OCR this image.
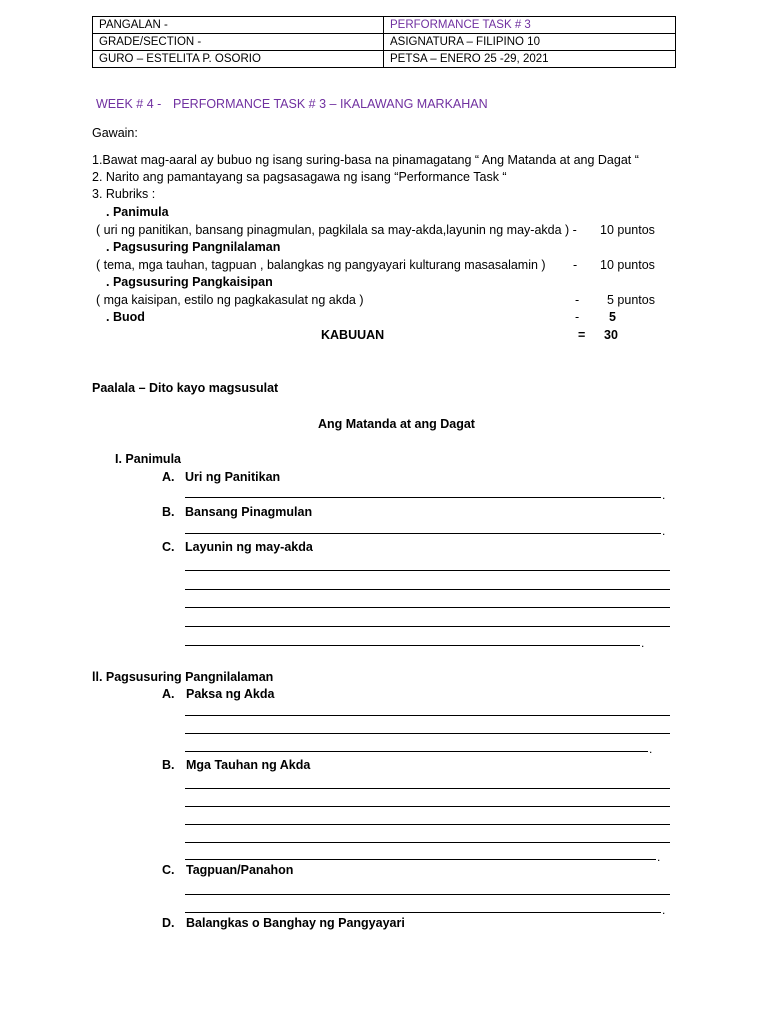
PANGALAN -	PERFORMANCE TASK # 3
GRADE/SECTION -	ASIGNATURA – FILIPINO 10
GURO – ESTELITA P. OSORIO	PETSA – ENERO 25 -29, 2021
WEEK # 4 - PERFORMANCE TASK # 3 – IKALAWANG MARKAHAN
Gawain:
1.Bawat mag-aaral ay bubuo ng isang suring-basa na pinamagatang “ Ang Matanda at ang Dagat “
2. Narito ang pamantayang sa pagsasagawa ng isang “Performance Task “
3. Rubriks :
. Panimula
( uri ng panitikan, bansang pinagmulan, pagkilala sa may-akda,layunin ng may-akda ) - 10 puntos
. Pagsusuring Pangnilalaman
( tema, mga tauhan, tagpuan , balangkas ng pangyayari kulturang masasalamin ) - 10 puntos
. Pagsusuring Pangkaisipan
( mga kaisipan, estilo ng pagkakasulat ng akda )	- 5 puntos
. Buod	- 5
KABUUAN	= 30
Paalala – Dito kayo magsusulat
Ang Matanda at ang Dagat
I. Panimula
A. Uri ng Panitikan
.
B. Bansang Pinagmulan
.
C. Layunin ng may-akda
.
ll. Pagsusuring Pangnilalaman
A. Paksa ng Akda
.
B. Mga Tauhan ng Akda
.
C. Tagpuan/Panahon
.
D. Balangkas o Banghay ng Pangyayari
